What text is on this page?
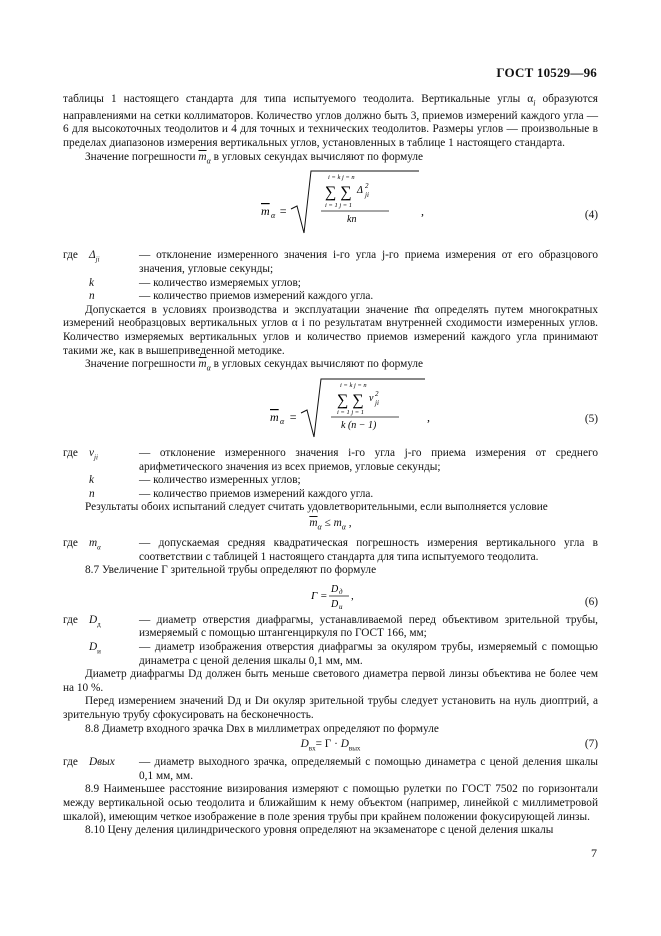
ГОСТ 10529—96

таблицы 1 настоящего стандарта для типа испытуемого теодолита. Вертикальные углы $\alpha_i$ образуются направлениями на сетки коллиматоров. Количество углов должно быть 3, приемов измерений каждого угла — 6 для высокоточных теодолитов и 4 для точных и технических теодолитов. Размеры углов — произвольные в пределах диапазонов измерения вертикальных углов, установленных в таблице 1 настоящего стандарта.

Значение погрешности $\overline{m}_\alpha$ в угловых секундах вычисляют по формуле

m α =
i = k j = n
∑ ∑ Δ 2
ji
i = 1 j = 1
kn
,	(4)
где $\Delta_{ji}$	— отклонение измеренного значения i-го угла j-го приема измерения от его образцового значения, угловые секунды;
k	— количество измеряемых углов;
n	— количество приемов измерений каждого угла.

Допускается в условиях производства и эксплуатации значение m̄α определять путем многократных измерений необразцовых вертикальных углов α i по результатам внутренней сходимости измеренных углов. Количество измеряемых вертикальных углов и количество приемов измерений каждого угла принимают такими же, как в вышеприведенной методике.

Значение погрешности $\overline{m}_\alpha$ в угловых секундах вычисляют по формуле

m α =
i = k j = n
∑ ∑ v 2
ji
i = 1 j = 1
k (n − 1)
,	(5)
где $v_{ji}$	— отклонение измеренного значения i-го угла j-го приема измерения от среднего арифметического значения из всех приемов, угловые секунды;
k	— количество измеренных углов;
n	— количество приемов измерений каждого угла.

Результаты обоих испытаний следует считать удовлетворительными, если выполняется условие

$\overline{m}_\alpha \le m_\alpha$ ,
где $m_\alpha$	— допускаемая средняя квадратическая погрешность измерения вертикального угла в соответствии с таблицей 1 настоящего стандарта для типа испытуемого теодолита.

8.7 Увеличение Г зрительной трубы определяют по формуле

Г =
D д
D и
,	(6)
где $D_д$	— диаметр отверстия диафрагмы, устанавливаемой перед объективом зрительной трубы, измеряемый с помощью штангенциркуля по ГОСТ 166, мм;
$D_и$	— диаметр изображения отверстия диафрагмы за окуляром трубы, измеряемый с помощью динаметра с ценой деления шкалы 0,1 мм, мм.

Диаметр диафрагмы Dд должен быть меньше светового диаметра первой линзы объектива не более чем на 10 %.

Перед измерением значений Dд и Dи окуляр зрительной трубы следует установить на нуль диоптрий, а зрительную трубу сфокусировать на бесконечность.

8.8 Диаметр входного зрачка Dвх в миллиметрах определяют по формуле

$D_{вх}= Г \cdot D_{вых}$	(7)
где Dвых — диаметр выходного зрачка, определяемый с помощью динаметра с ценой деления шкалы 0,1 мм, мм.

8.9 Наименьшее расстояние визирования измеряют с помощью рулетки по ГОСТ 7502 по горизонтали между вертикальной осью теодолита и ближайшим к нему объектом (например, линейкой с миллиметровой шкалой), имеющим четкое изображение в поле зрения трубы при крайнем положении фокусирующей линзы.

8.10 Цену деления цилиндрического уровня определяют на экзаменаторе с ценой деления шкалы

7
